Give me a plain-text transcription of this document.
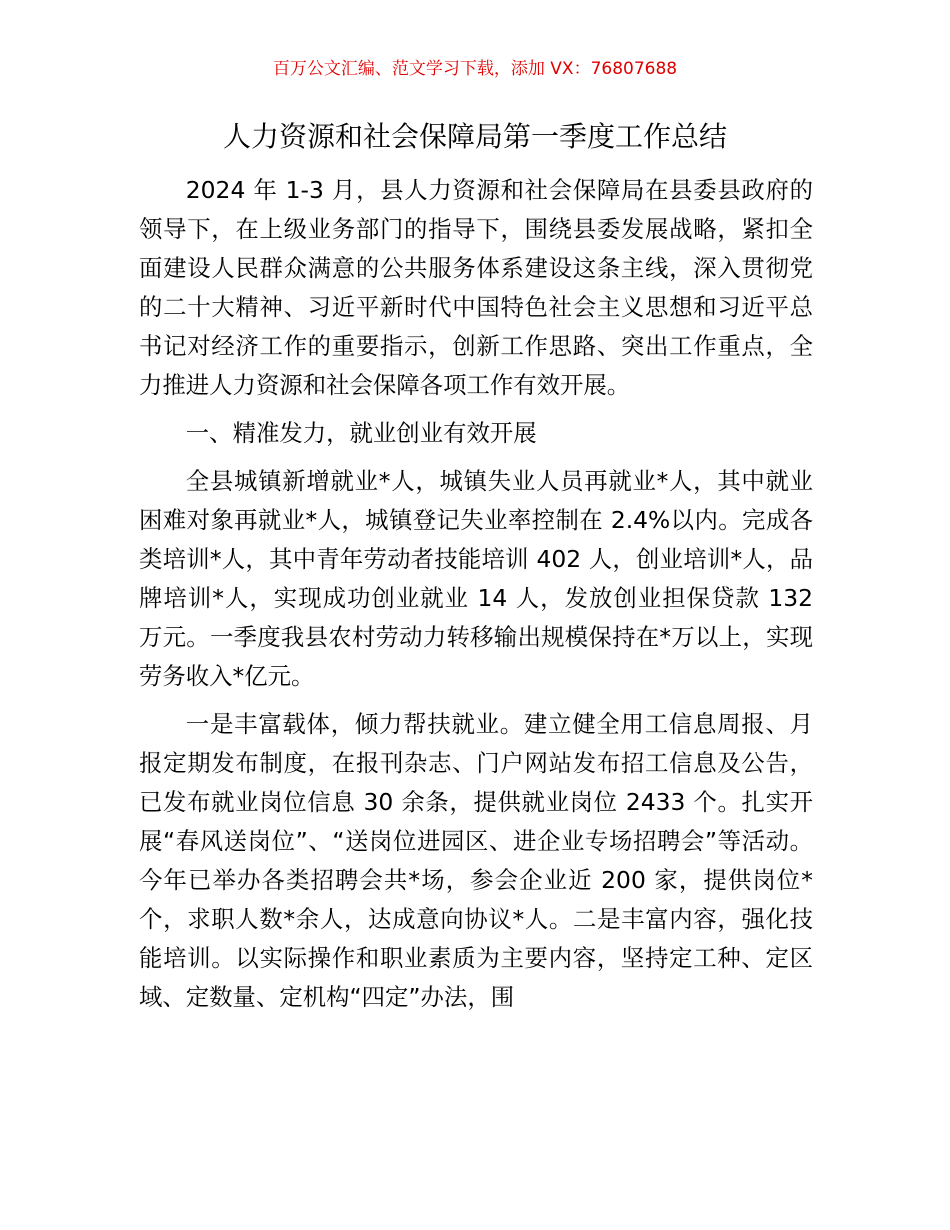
百万公文汇编、范文学习下载，添加 VX：76807688
人力资源和社会保障局第一季度工作总结

2024 年 1-3 月，县人力资源和社会保障局在县委县政府的领导下，在上级业务部门的指导下，围绕县委发展战略，紧扣全面建设人民群众满意的公共服务体系建设这条主线，深入贯彻党的二十大精神、习近平新时代中国特色社会主义思想和习近平总书记对经济工作的重要指示，创新工作思路、突出工作重点，全力推进人力资源和社会保障各项工作有效开展。

一、精准发力，就业创业有效开展

全县城镇新增就业*人，城镇失业人员再就业*人，其中就业困难对象再就业*人，城镇登记失业率控制在 2.4%以内。完成各类培训*人，其中青年劳动者技能培训 402 人，创业培训*人，品牌培训*人，实现成功创业就业 14 人，发放创业担保贷款 132 万元。一季度我县农村劳动力转移输出规模保持在*万以上，实现劳务收入*亿元。

一是丰富载体，倾力帮扶就业。建立健全用工信息周报、月报定期发布制度，在报刊杂志、门户网站发布招工信息及公告，已发布就业岗位信息 30 余条，提供就业岗位 2433 个。扎实开展“春风送岗位”、“送岗位进园区、进企业专场招聘会”等活动。今年已举办各类招聘会共*场，参会企业近 200 家，提供岗位*个，求职人数*余人，达成意向协议*人。二是丰富内容，强化技能培训。以实际操作和职业素质为主要内容，坚持定工种、定区域、定数量、定机构“四定”办法，围
